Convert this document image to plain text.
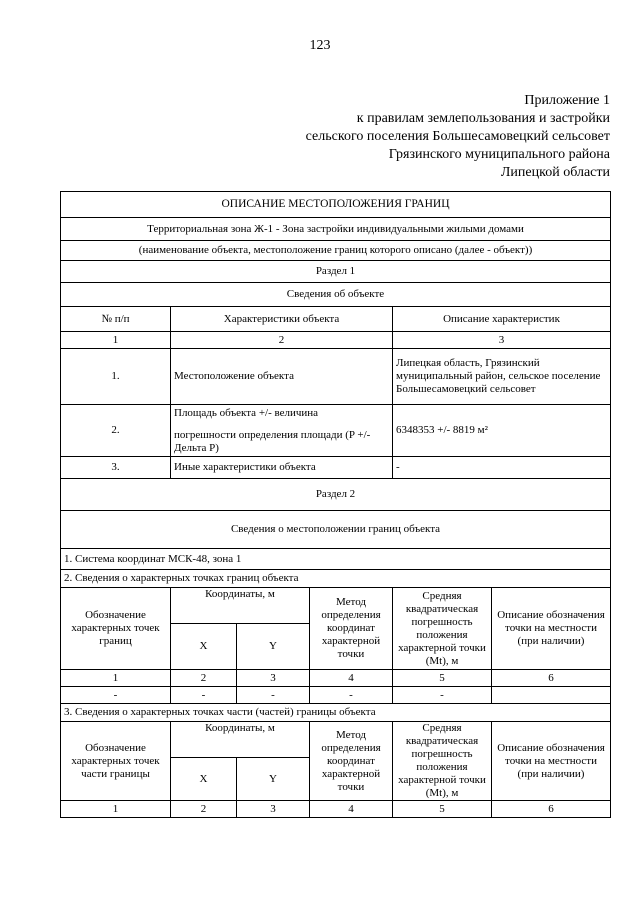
123
Приложение 1
к правилам землепользования и застройки
сельского поселения Большесамовецкий сельсовет
Грязинского муниципального района
Липецкой области
ОПИСАНИЕ МЕСТОПОЛОЖЕНИЯ ГРАНИЦ					
Территориальная зона Ж-1 - Зона застройки индивидуальными жилыми домами					
(наименование объекта, местоположение границ которого описано (далее - объект))					
Раздел 1					
Сведения об объекте					
№ п/п	Характеристики объекта			Описание характеристик	
1	2			3	
1.	Местоположение объекта			Липецкая область, Грязинский муниципальный район, сельское поселение Большесамовецкий сельсовет	
2.	Площадь объекта +/- величина
погрешности определения площади (P +/- Дельта P)			6348353 +/- 8819 м²	
3.	Иные характеристики объекта			-	
Раздел 2					
Сведения о местоположении границ объекта					
1. Система координат МСК-48, зона 1					
2. Сведения о характерных точках границ объекта					
Обозначение характерных точек границ	Координаты, м		Метод определения координат характерной точки	Средняя квадратическая погрешность положения характерной точки (Mt), м	Описание обозначения точки на местности (при наличии)
	X	Y			
1	2	3	4	5	6
-	-	-	-	-	
3. Сведения о характерных точках части (частей) границы объекта					
Обозначение характерных точек части границы	Координаты, м		Метод определения координат характерной точки	Средняя квадратическая погрешность положения характерной точки (Mt), м	Описание обозначения точки на местности (при наличии)
	X	Y			
1	2	3	4	5	6
